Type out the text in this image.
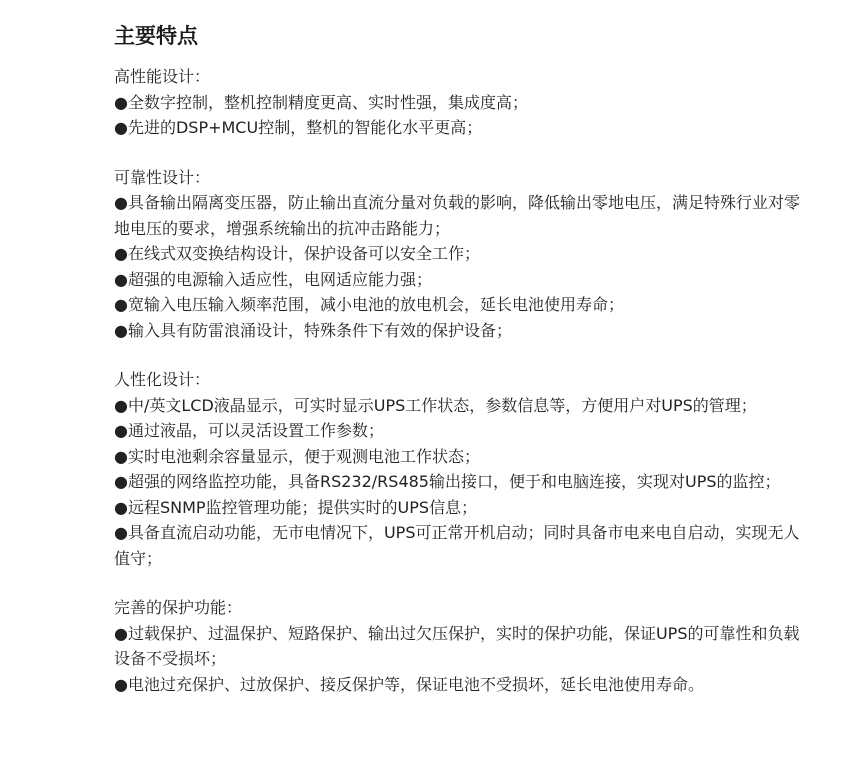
主要特点

高性能设计：

●全数字控制，整机控制精度更高、实时性强，集成度高；

●先进的DSP+MCU控制，整机的智能化水平更高；

可靠性设计：

●具备输出隔离变压器，防止输出直流分量对负载的影响，降低输出零地电压，满足特殊行业对零地电压的要求，增强系统输出的抗冲击路能力；

●在线式双变换结构设计，保护设备可以安全工作；

●超强的电源输入适应性，电网适应能力强；

●宽输入电压输入频率范围，减小电池的放电机会，延长电池使用寿命；

●输入具有防雷浪涌设计，特殊条件下有效的保护设备；

人性化设计：

●中/英文LCD液晶显示，可实时显示UPS工作状态，参数信息等，方便用户对UPS的管理；

●通过液晶，可以灵活设置工作参数；

●实时电池剩余容量显示，便于观测电池工作状态；

●超强的网络监控功能，具备RS232/RS485输出接口，便于和电脑连接，实现对UPS的监控；

●远程SNMP监控管理功能；提供实时的UPS信息；

●具备直流启动功能，无市电情况下，UPS可正常开机启动；同时具备市电来电自启动，实现无人值守；

完善的保护功能：

●过载保护、过温保护、短路保护、输出过欠压保护，实时的保护功能，保证UPS的可靠性和负载设备不受损坏；

●电池过充保护、过放保护、接反保护等，保证电池不受损坏，延长电池使用寿命。
